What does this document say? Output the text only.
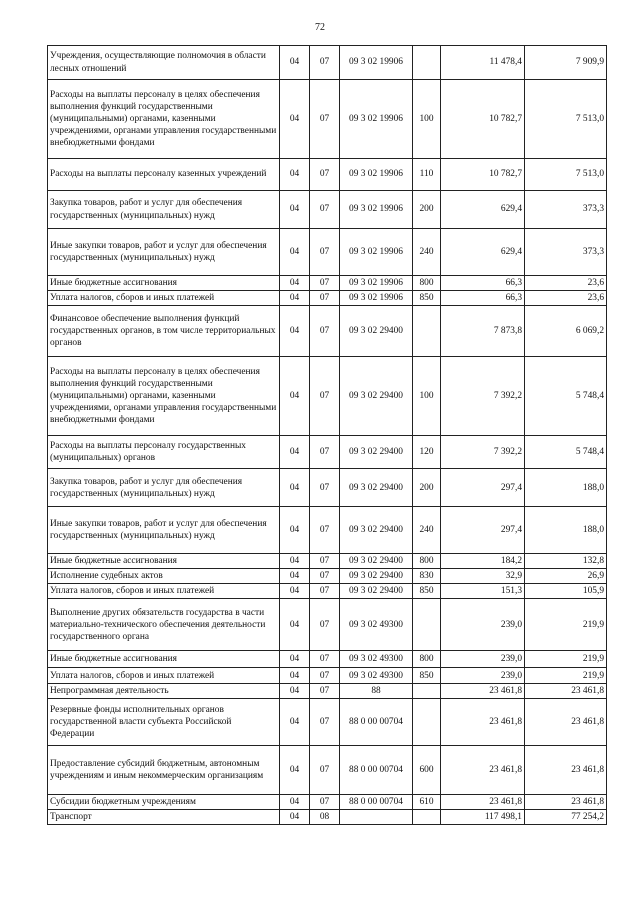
72
Учреждения, осуществляющие полномочия в области лесных отношений	04	07	09 3 02 19906		11 478,4	7 909,9
Расходы на выплаты персоналу в целях обеспечения выполнения функций государственными (муниципальными) органами, казенными учреждениями, органами управления государственными внебюджетными фондами	04	07	09 3 02 19906	100	10 782,7	7 513,0
Расходы на выплаты персоналу казенных учреждений	04	07	09 3 02 19906	110	10 782,7	7 513,0
Закупка товаров, работ и услуг для обеспечения государственных (муниципальных) нужд	04	07	09 3 02 19906	200	629,4	373,3
Иные закупки товаров, работ и услуг для обеспечения государственных (муниципальных) нужд	04	07	09 3 02 19906	240	629,4	373,3
Иные бюджетные ассигнования	04	07	09 3 02 19906	800	66,3	23,6
Уплата налогов, сборов и иных платежей	04	07	09 3 02 19906	850	66,3	23,6
Финансовое обеспечение выполнения функций государственных органов, в том числе территориальных органов	04	07	09 3 02 29400		7 873,8	6 069,2
Расходы на выплаты персоналу в целях обеспечения выполнения функций государственными (муниципальными) органами, казенными учреждениями, органами управления государственными внебюджетными фондами	04	07	09 3 02 29400	100	7 392,2	5 748,4
Расходы на выплаты персоналу государственных (муниципальных) органов	04	07	09 3 02 29400	120	7 392,2	5 748,4
Закупка товаров, работ и услуг для обеспечения государственных (муниципальных) нужд	04	07	09 3 02 29400	200	297,4	188,0
Иные закупки товаров, работ и услуг для обеспечения государственных (муниципальных) нужд	04	07	09 3 02 29400	240	297,4	188,0
Иные бюджетные ассигнования	04	07	09 3 02 29400	800	184,2	132,8
Исполнение судебных актов	04	07	09 3 02 29400	830	32,9	26,9
Уплата налогов, сборов и иных платежей	04	07	09 3 02 29400	850	151,3	105,9
Выполнение других обязательств государства в части материально-технического обеспечения деятельности государственного органа	04	07	09 3 02 49300		239,0	219,9
Иные бюджетные ассигнования	04	07	09 3 02 49300	800	239,0	219,9
Уплата налогов, сборов и иных платежей	04	07	09 3 02 49300	850	239,0	219,9
Непрограммная деятельность	04	07	88		23 461,8	23 461,8
Резервные фонды исполнительных органов государственной власти субъекта Российской Федерации	04	07	88 0 00 00704		23 461,8	23 461,8
Предоставление субсидий бюджетным, автономным учреждениям и иным некоммерческим организациям	04	07	88 0 00 00704	600	23 461,8	23 461,8
Субсидии бюджетным учреждениям	04	07	88 0 00 00704	610	23 461,8	23 461,8
Транспорт	04	08			117 498,1	77 254,2
